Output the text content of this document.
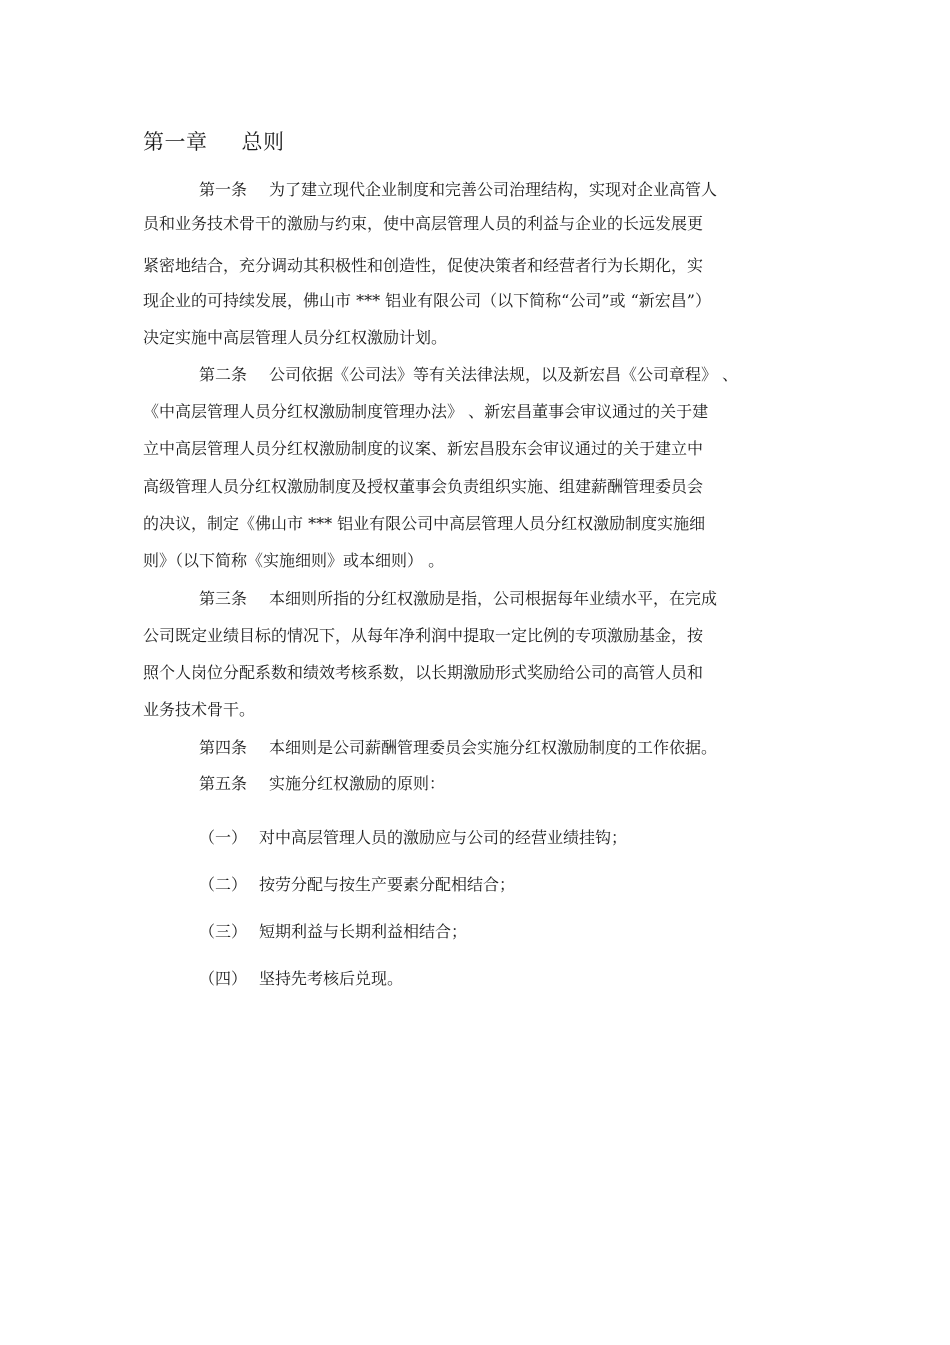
第一章 总则
第一条 为了建立现代企业制度和完善公司治理结构，实现对企业高管人
员和业务技术骨干的激励与约束，使中高层管理人员的利益与企业的长远发展更
紧密地结合，充分调动其积极性和创造性，促使决策者和经营者行为长期化，实
现企业的可持续发展，佛山市 *** 铝业有限公司（以下简称“公司”或 “新宏昌”）
决定实施中高层管理人员分红权激励计划。
第二条 公司依据《公司法》等有关法律法规，以及新宏昌《公司章程》 、
《中高层管理人员分红权激励制度管理办法》 、新宏昌董事会审议通过的关于建
立中高层管理人员分红权激励制度的议案、新宏昌股东会审议通过的关于建立中
高级管理人员分红权激励制度及授权董事会负责组织实施、组建薪酬管理委员会
的决议，制定《佛山市 *** 铝业有限公司中高层管理人员分红权激励制度实施细
则》（以下简称《实施细则》或本细则） 。
第三条 本细则所指的分红权激励是指，公司根据每年业绩水平，在完成
公司既定业绩目标的情况下，从每年净利润中提取一定比例的专项激励基金，按
照个人岗位分配系数和绩效考核系数，以长期激励形式奖励给公司的高管人员和
业务技术骨干。
第四条 本细则是公司薪酬管理委员会实施分红权激励制度的工作依据。
第五条 实施分红权激励的原则：
（一） 对中高层管理人员的激励应与公司的经营业绩挂钩；
（二） 按劳分配与按生产要素分配相结合；
（三） 短期利益与长期利益相结合；
（四） 坚持先考核后兑现。
